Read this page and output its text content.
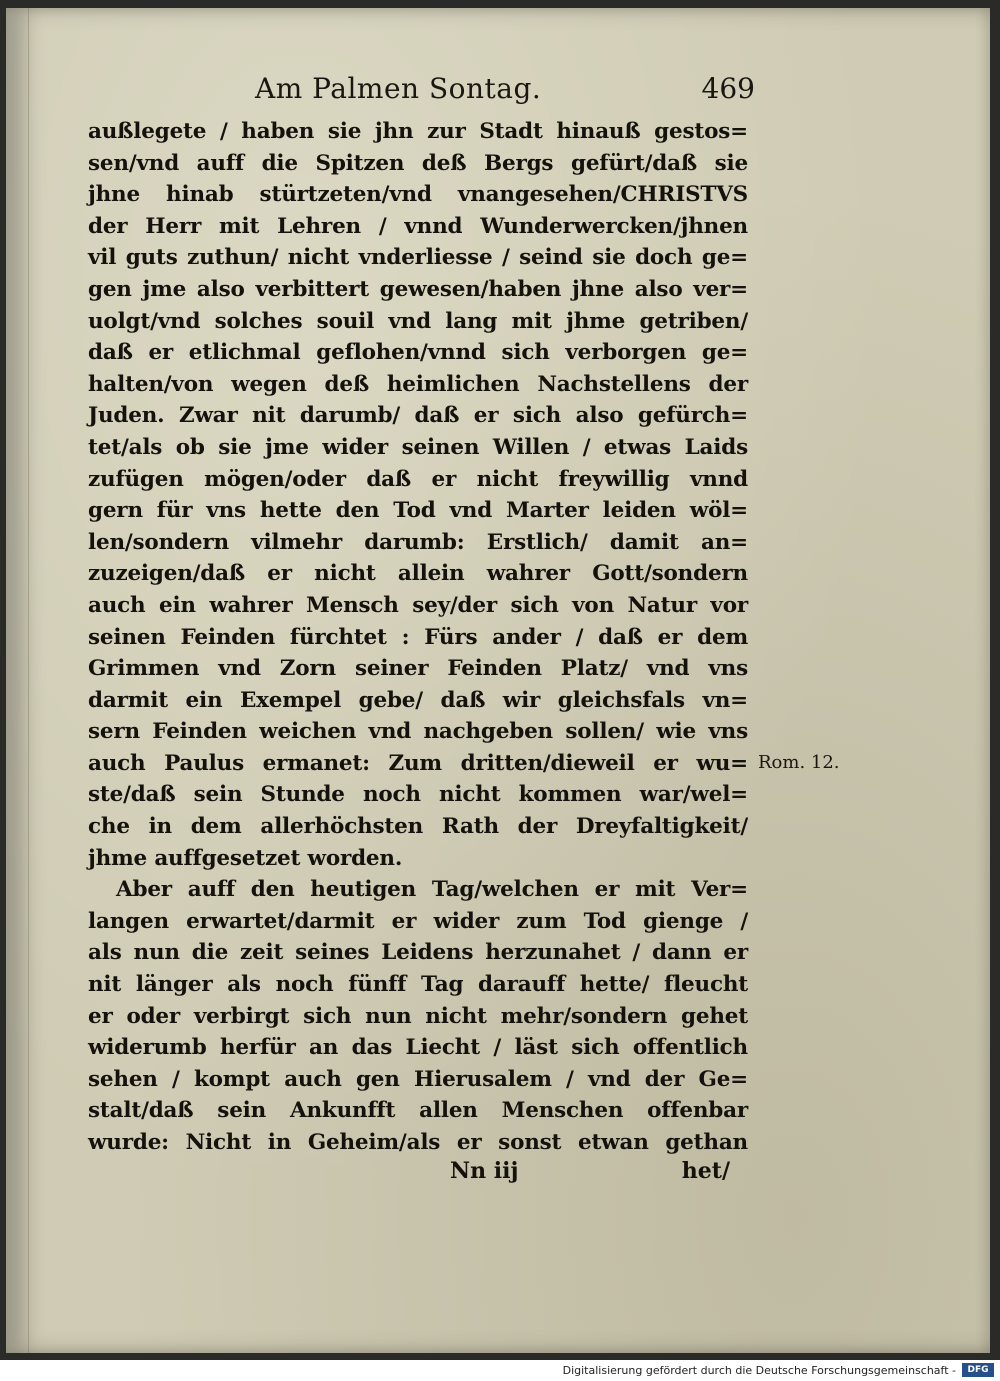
Am Palmen Sontag.	469
außlegete / haben sie jhn zur Stadt hinauß gestos=
sen/vnd auff die Spitzen deß Bergs gefürt/daß sie
jhne hinab stürtzeten/vnd vnangesehen/CHRISTVS
der Herr mit Lehren / vnnd Wunderwercken/jhnen
vil guts zuthun/ nicht vnderliesse / seind sie doch ge=
gen jme also verbittert gewesen/haben jhne also ver=
uolgt/vnd solches souil vnd lang mit jhme getriben/
daß er etlichmal geflohen/vnnd sich verborgen ge=
halten/von wegen deß heimlichen Nachstellens der
Juden. Zwar nit darumb/ daß er sich also gefürch=
tet/als ob sie jme wider seinen Willen / etwas Laids
zufügen mögen/oder daß er nicht freywillig vnnd
gern für vns hette den Tod vnd Marter leiden wöl=
len/sondern vilmehr darumb: Erstlich/ damit an=
zuzeigen/daß er nicht allein wahrer Gott/sondern
auch ein wahrer Mensch sey/der sich von Natur vor
seinen Feinden fürchtet : Fürs ander / daß er dem
Grimmen vnd Zorn seiner Feinden Platz/ vnd vns
darmit ein Exempel gebe/ daß wir gleichsfals vn=
sern Feinden weichen vnd nachgeben sollen/ wie vns
auch Paulus ermanet: Zum dritten/dieweil er wu=
ste/daß sein Stunde noch nicht kommen war/wel=
che in dem allerhöchsten Rath der Dreyfaltigkeit/
jhme auffgesetzet worden.
Aber auff den heutigen Tag/welchen er mit Ver=
langen erwartet/darmit er wider zum Tod gienge /
als nun die zeit seines Leidens herzunahet / dann er
nit länger als noch fünff Tag darauff hette/ fleucht
er oder verbirgt sich nun nicht mehr/sondern gehet
widerumb herfür an das Liecht / läst sich offentlich
sehen / kompt auch gen Hierusalem / vnd der Ge=
stalt/daß sein Ankunfft allen Menschen offenbar
wurde: Nicht in Geheim/als er sonst etwan gethan
Rom. 12.
Nn iij	het/
Digitalisierung gefördert durch die Deutsche Forschungsgemeinschaft -	DFG
